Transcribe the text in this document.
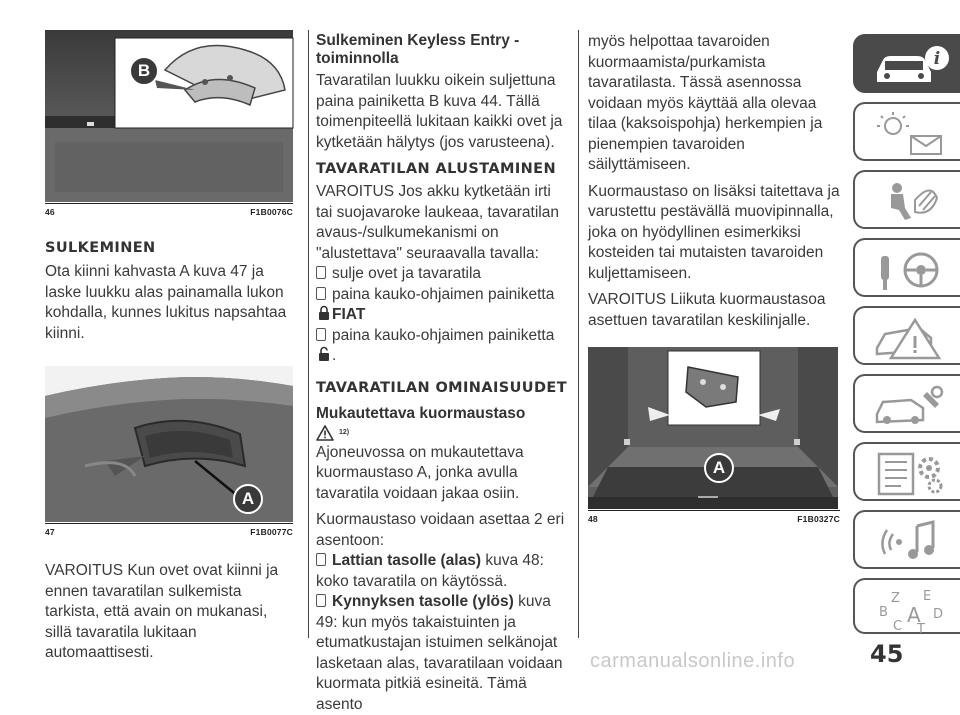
B
46	F1B0076C
SULKEMINEN
Ota kiinni kahvasta A kuva 47 ja laske luukku alas painamalla lukon kohdalla, kunnes lukitus napsahtaa kiinni.
A
47	F1B0077C
VAROITUS Kun ovet ovat kiinni ja ennen tavaratilan sulkemista tarkista, että avain on mukanasi, sillä tavaratila lukitaan automaattisesti.
Sulkeminen Keyless Entry -toiminnolla
Tavaratilan luukku oikein suljettuna paina painiketta B kuva 44. Tällä toimenpiteellä lukitaan kaikki ovet ja kytketään hälytys (jos varusteena).
TAVARATILAN ALUSTAMINEN
VAROITUS Jos akku kytketään irti tai suojavaroke laukeaa, tavaratilan avaus-/sulkumekanismi on "alustettava" seuraavalla tavalla:
sulje ovet ja tavaratila
paina kauko-ohjaimen painiketta
FIAT
paina kauko-ohjaimen painiketta.
TAVARATILAN OMINAISUUDET
Mukautettava kuormaustaso
12)
Ajoneuvossa on mukautettava kuormaustaso A, jonka avulla tavaratila voidaan jakaa osiin.
Kuormaustaso voidaan asettaa 2 eri asentoon:
Lattian tasolle (alas) kuva 48: koko tavaratila on käytössä.
Kynnyksen tasolle (ylös) kuva 49: kun myös takaistuinten ja etumatkustajan istuimen selkänojat lasketaan alas, tavaratilaan voidaan kuormata pitkiä esineitä. Tämä asento
myös helpottaa tavaroiden kuormaamista/purkamista tavaratilasta. Tässä asennossa voidaan myös käyttää alla olevaa tilaa (kaksoispohja) herkempien ja pienempien tavaroiden säilyttämiseen.
Kuormaustaso on lisäksi taitettava ja varustettu pestävällä muovipinnalla, joka on hyödyllinen esimerkiksi kosteiden tai mutaisten tavaroiden kuljettamiseen.
VAROITUS Liikuta kuormaustasoa asettuen tavaratilan keskilinjalle.
A
48	F1B0327C
i
Z E
B A D
C T
45
carmanualsonline.info
